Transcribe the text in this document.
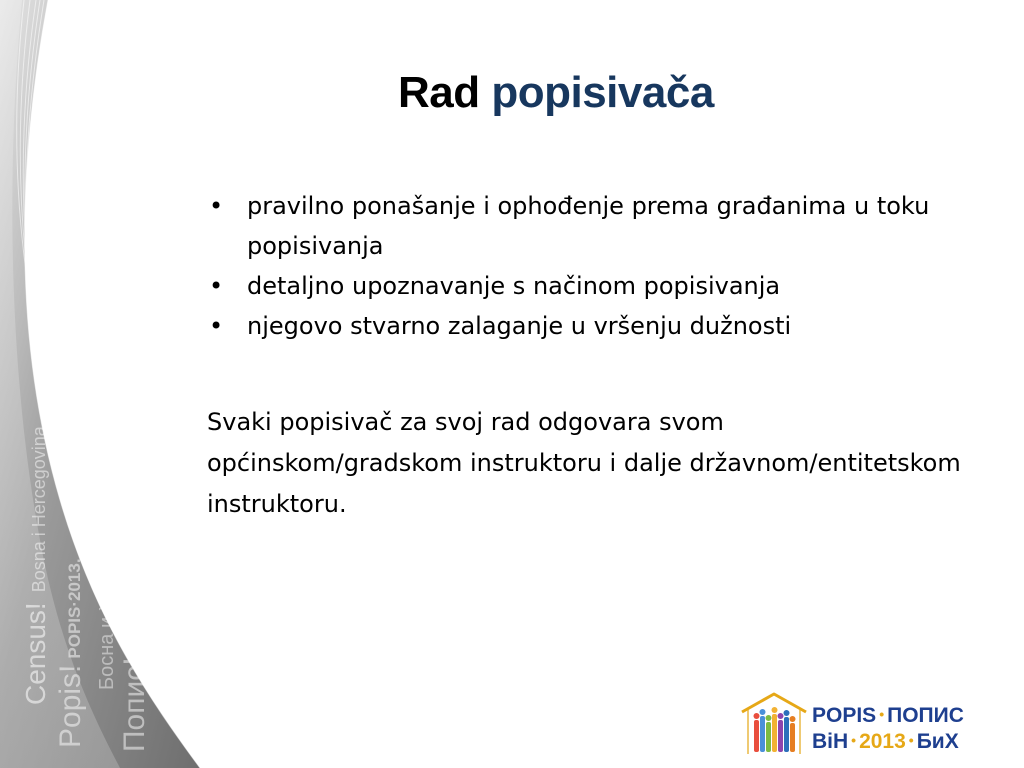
Census!Bosna i Hercegovina
Popis!POPIS·2013. Босна и Херцеговина
Попис!ПОПИС·2013.
Rad popisivača
• pravilno ponašanje i ophođenje prema građanima u toku popisivanja
• detaljno upoznavanje s načinom popisivanja
• njegovo stvarno zalaganje u vršenju dužnosti
Svaki popisivač za svoj rad odgovara svom općinskom/gradskom instruktoru i dalje državnom/entitetskom instruktoru.
POPIS • ПОПИС
BiH • 2013 • БиХ
